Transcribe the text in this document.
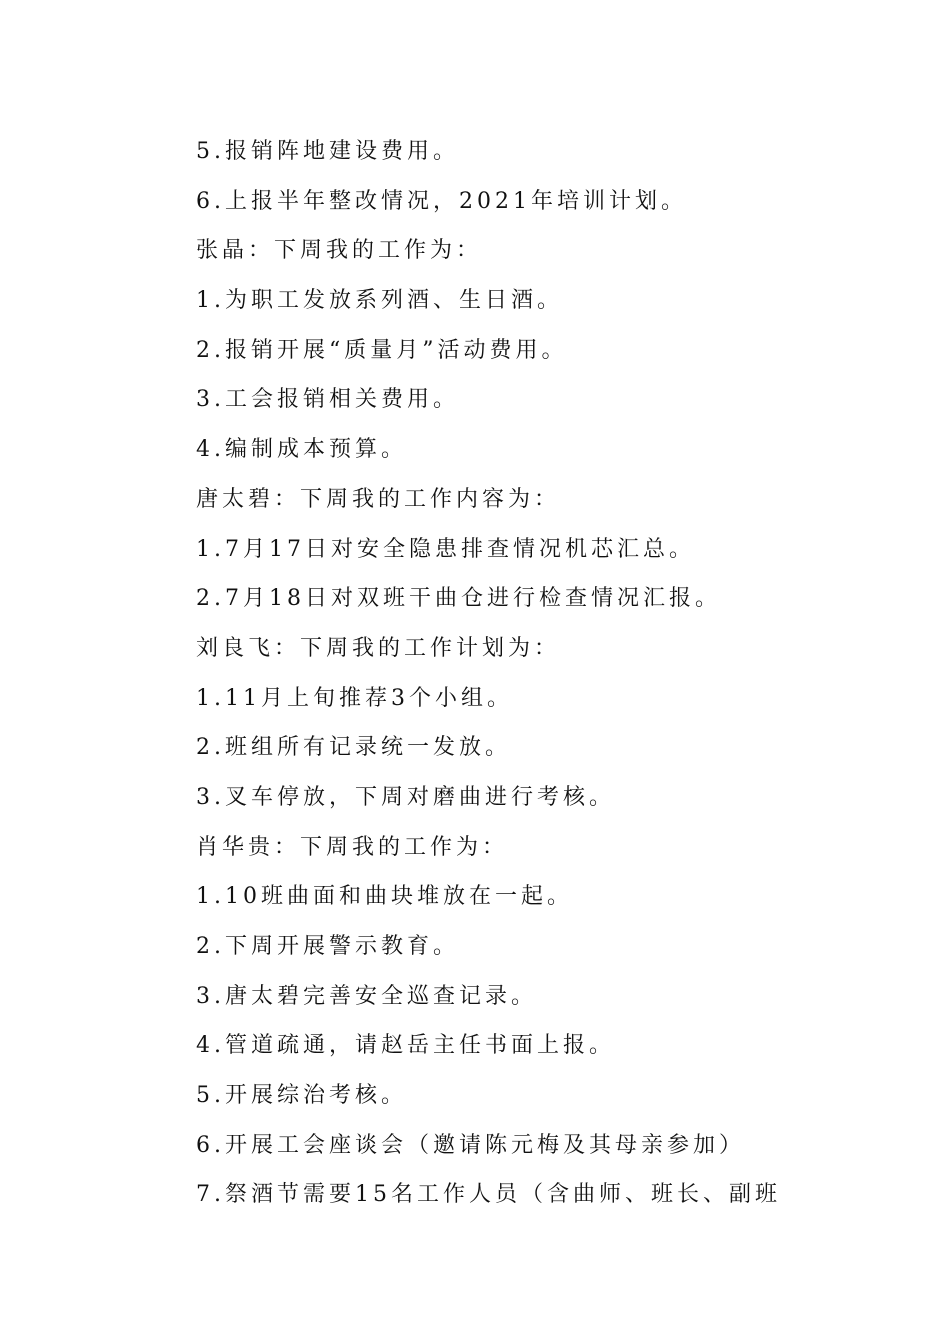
5.报销阵地建设费用。
6.上报半年整改情况，2021年培训计划。
张晶：下周我的工作为：
1.为职工发放系列酒、生日酒。
2.报销开展“质量月”活动费用。
3.工会报销相关费用。
4.编制成本预算。
唐太碧：下周我的工作内容为：
1.7月17日对安全隐患排查情况机芯汇总。
2.7月18日对双班干曲仓进行检查情况汇报。
刘良飞：下周我的工作计划为：
1.11月上旬推荐3个小组。
2.班组所有记录统一发放。
3.叉车停放，下周对磨曲进行考核。
肖华贵：下周我的工作为：
1.10班曲面和曲块堆放在一起。
2.下周开展警示教育。
3.唐太碧完善安全巡查记录。
4.管道疏通，请赵岳主任书面上报。
5.开展综治考核。
6.开展工会座谈会（邀请陈元梅及其母亲参加）
7.祭酒节需要15名工作人员（含曲师、班长、副班
